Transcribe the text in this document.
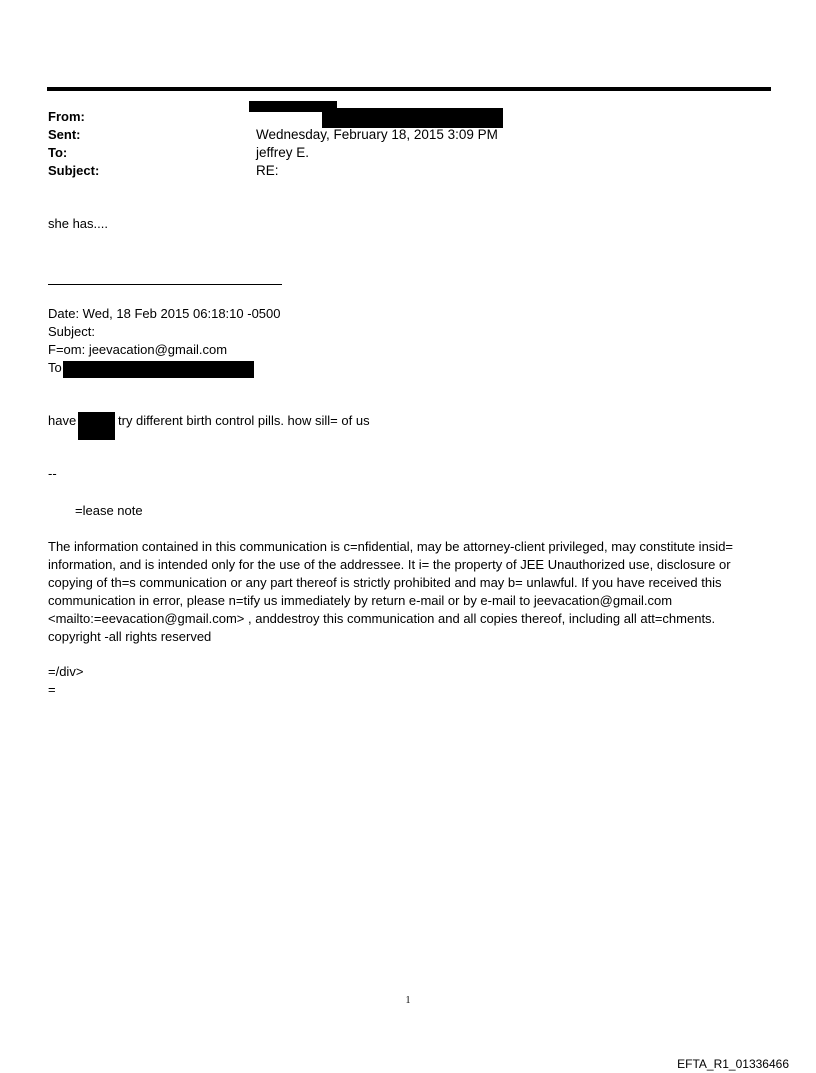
From:
Sent:	Wednesday, February 18, 2015 3:09 PM
To:	jeffrey E.
Subject:	RE:
she has....
Date: Wed, 18 Feb 2015 06:18:10 -0500
Subject:
F=om: jeevacation@gmail.com
To
have	try different birth control pills. how sill= of us
--
=lease note
The information contained in this communication is c=nfidential, may be attorney-client privileged, may constitute insid= information, and is intended only for the use of the addressee. It i= the property of JEE Unauthorized use, disclosure or copying of th=s communication or any part thereof is strictly prohibited and may b= unlawful. If you have received this communication in error, please n=tify us immediately by return e-mail or by e-mail to jeevacation@gmail.com <mailto:=eevacation@gmail.com> , anddestroy this communication and all copies thereof, including all att=chments. copyright -all rights reserved
=/div>
=
1
EFTA_R1_01336466
